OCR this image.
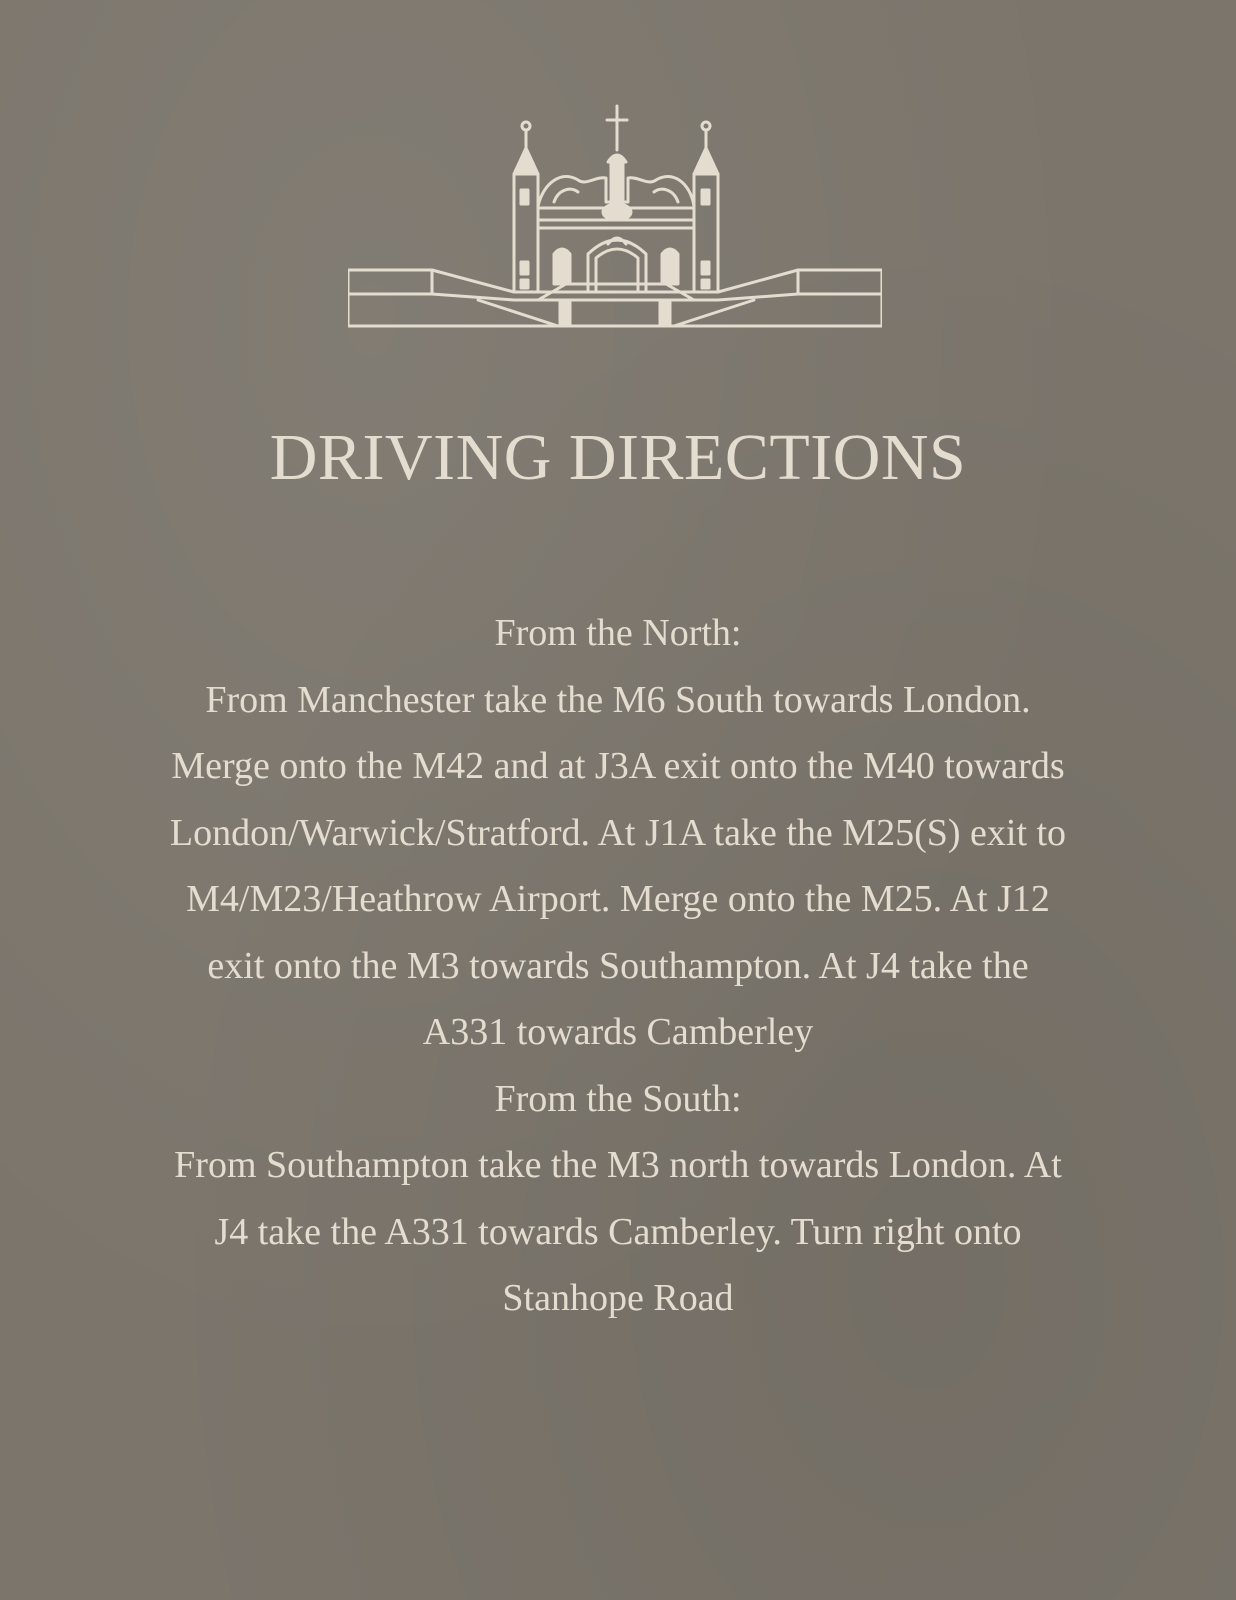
DRIVING DIRECTIONS

From the North:

From Manchester take the M6 South towards London. Merge onto the M42 and at J3A exit onto the M40 towards London/Warwick/Stratford. At J1A take the M25(S) exit to M4/M23/Heathrow Airport. Merge onto the M25. At J12 exit onto the M3 towards Southampton. At J4 take the A331 towards Camberley

From the South:

From Southampton take the M3 north towards London. At J4 take the A331 towards Camberley. Turn right onto Stanhope Road
